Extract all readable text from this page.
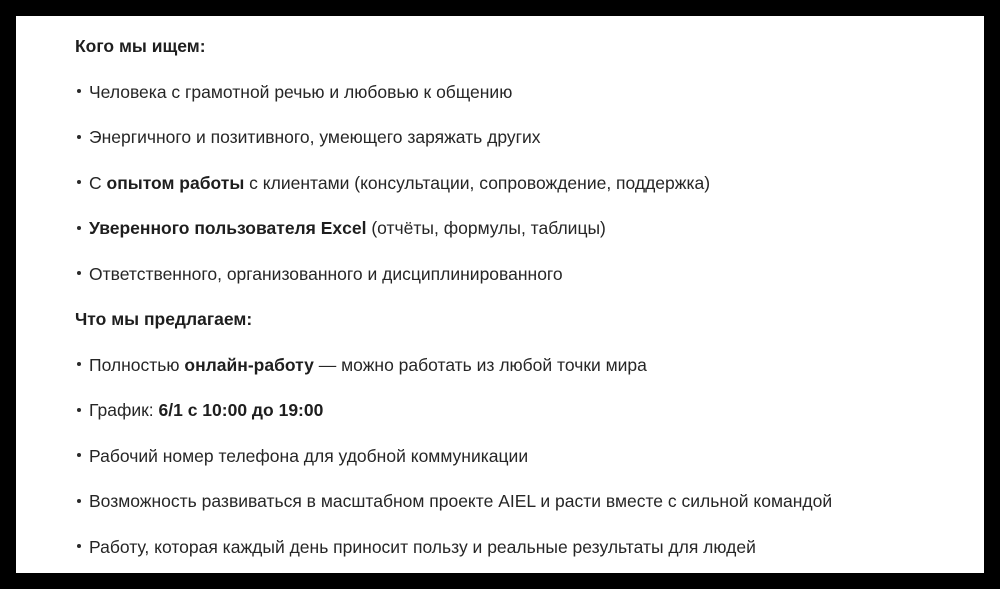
Кого мы ищем:
Человека с грамотной речью и любовью к общению
Энергичного и позитивного, умеющего заряжать других
С опытом работы с клиентами (консультации, сопровождение, поддержка)
Уверенного пользователя Excel (отчёты, формулы, таблицы)
Ответственного, организованного и дисциплинированного
Что мы предлагаем:
Полностью онлайн-работу — можно работать из любой точки мира
График: 6/1 с 10:00 до 19:00
Рабочий номер телефона для удобной коммуникации
Возможность развиваться в масштабном проекте AIEL и расти вместе с сильной командой
Работу, которая каждый день приносит пользу и реальные результаты для людей
